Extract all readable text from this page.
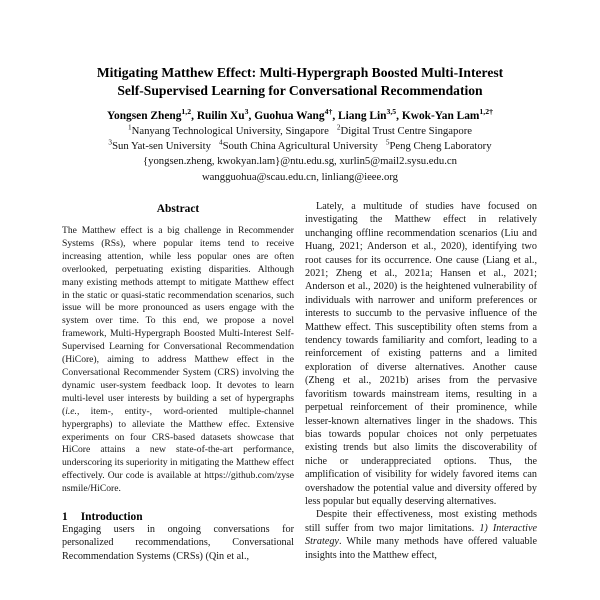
Mitigating Matthew Effect: Multi-Hypergraph Boosted Multi-Interest
Self-Supervised Learning for Conversational Recommendation
Yongsen Zheng$^{1,2}$, Ruilin Xu$^3$, Guohua Wang$^{4\dagger}$, Liang Lin$^{3,5}$, Kwok-Yan Lam$^{1,2\dagger}$
$^1$Nanyang Technological University, Singapore $^2$Digital Trust Centre Singapore
$^3$Sun Yat-sen University $^4$South China Agricultural University $^5$Peng Cheng Laboratory
{yongsen.zheng, kwokyan.lam}@ntu.edu.sg, xurlin5@mail2.sysu.edu.cn
wangguohua@scau.edu.cn, linliang@ieee.org
Abstract

The Matthew effect is a big challenge in Recommender Systems (RSs), where popular items tend to receive increasing attention, while less popular ones are often overlooked, perpetuating existing disparities. Although many existing methods attempt to mitigate Matthew effect in the static or quasi-static recommendation scenarios, such issue will be more pronounced as users engage with the system over time. To this end, we propose a novel framework, Multi-Hypergraph Boosted Multi-Interest Self-Supervised Learning for Conversational Recommendation (HiCore), aiming to address Matthew effect in the Conversational Recommender System (CRS) involving the dynamic user-system feedback loop. It devotes to learn multi-level user interests by building a set of hypergraphs (i.e., item-, entity-, word-oriented multiple-channel hypergraphs) to alleviate the Matthew effec. Extensive experiments on four CRS-based datasets showcase that HiCore attains a new state-of-the-art performance, underscoring its superiority in mitigating the Matthew effect effectively. Our code is available at https://github.com/zysensmile/HiCore.

1 Introduction

Engaging users in ongoing conversations for personalized recommendations, Conversational Recommendation Systems (CRSs) (Qin et al.,

Lately, a multitude of studies have focused on investigating the Matthew effect in relatively unchanging offline recommendation scenarios (Liu and Huang, 2021; Anderson et al., 2020), identifying two root causes for its occurrence. One cause (Liang et al., 2021; Zheng et al., 2021a; Hansen et al., 2021; Anderson et al., 2020) is the heightened vulnerability of individuals with narrower and uniform preferences or interests to succumb to the pervasive influence of the Matthew effect. This susceptibility often stems from a tendency towards familiarity and comfort, leading to a reinforcement of existing patterns and a limited exploration of diverse alternatives. Another cause (Zheng et al., 2021b) arises from the pervasive favoritism towards mainstream items, resulting in a perpetual reinforcement of their prominence, while lesser-known alternatives linger in the shadows. This bias towards popular choices not only perpetuates existing trends but also limits the discoverability of niche or underappreciated options. Thus, the amplification of visibility for widely favored items can overshadow the potential value and diversity offered by less popular but equally deserving alternatives.

Despite their effectiveness, most existing methods still suffer from two major limitations. 1) Interactive Strategy. While many methods have offered valuable insights into the Matthew effect,
